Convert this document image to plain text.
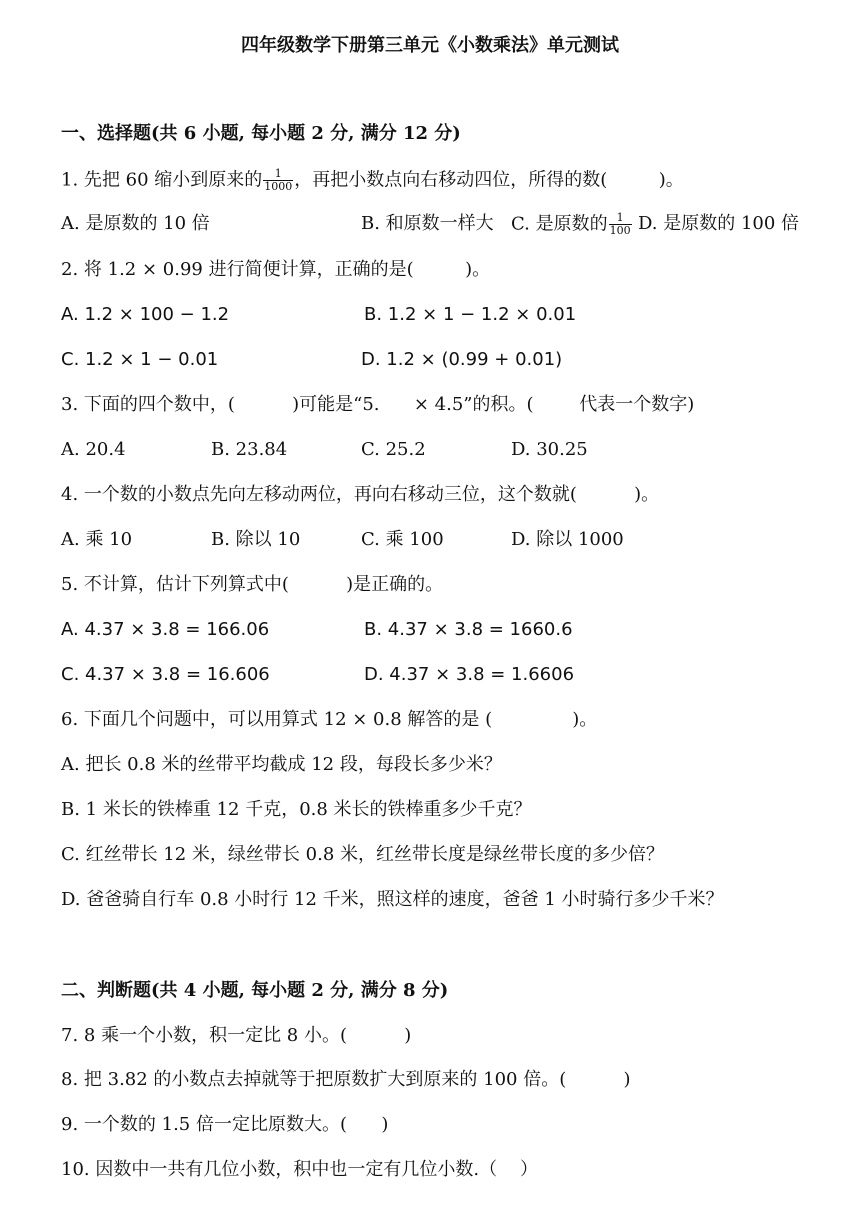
四年级数学下册第三单元《小数乘法》单元测试
一、选择题(共 6 小题, 每小题 2 分, 满分 12 分)
1. 先把 60 缩小到原来的 $\frac{1}{1000}$ ，再把小数点向右移动四位，所得的数(         )。
A. 是原数的 10 倍	B. 和原数一样大 C. 是原数的 $\frac{1}{100} D$. 是原数的 100 倍
2. 将 1.2 × 0.99 进行简便计算，正确的是(         )。
A. 1.2 × 100 − 1.2	B. 1.2 × 1 − 1.2 × 0.01
C. 1.2 × 1 − 0.01	D. 1.2 × (0.99 + 0.01)
3. 下面的四个数中，(          )可能是“5.      × 4.5”的积。(        代表一个数字)
A. 20.4	B. 23.84	C. 25.2	D. 30.25
4. 一个数的小数点先向左移动两位，再向右移动三位，这个数就(          )。
A. 乘 10	B. 除以 10	C. 乘 100	D. 除以 1000
5. 不计算，估计下列算式中(          )是正确的。
A. 4.37 × 3.8 = 166.06	B. 4.37 × 3.8 = 1660.6
C. 4.37 × 3.8 = 16.606	D. 4.37 × 3.8 = 1.6606
6. 下面几个问题中，可以用算式 12 × 0.8 解答的是 (              )。
A. 把长 0.8 米的丝带平均截成 12 段，每段长多少米？
B. 1 米长的铁棒重 12 千克，0.8 米长的铁棒重多少千克？
C. 红丝带长 12 米，绿丝带长 0.8 米，红丝带长度是绿丝带长度的多少倍？
D. 爸爸骑自行车 0.8 小时行 12 千米，照这样的速度，爸爸 1 小时骑行多少千米？
二、判断题(共 4 小题, 每小题 2 分, 满分 8 分)
7. 8 乘一个小数，积一定比 8 小。(          )
8. 把 3.82 的小数点去掉就等于把原数扩大到原来的 100 倍。(          )
9. 一个数的 1.5 倍一定比原数大。(      )
10. 因数中一共有几位小数，积中也一定有几位小数.（    ）
